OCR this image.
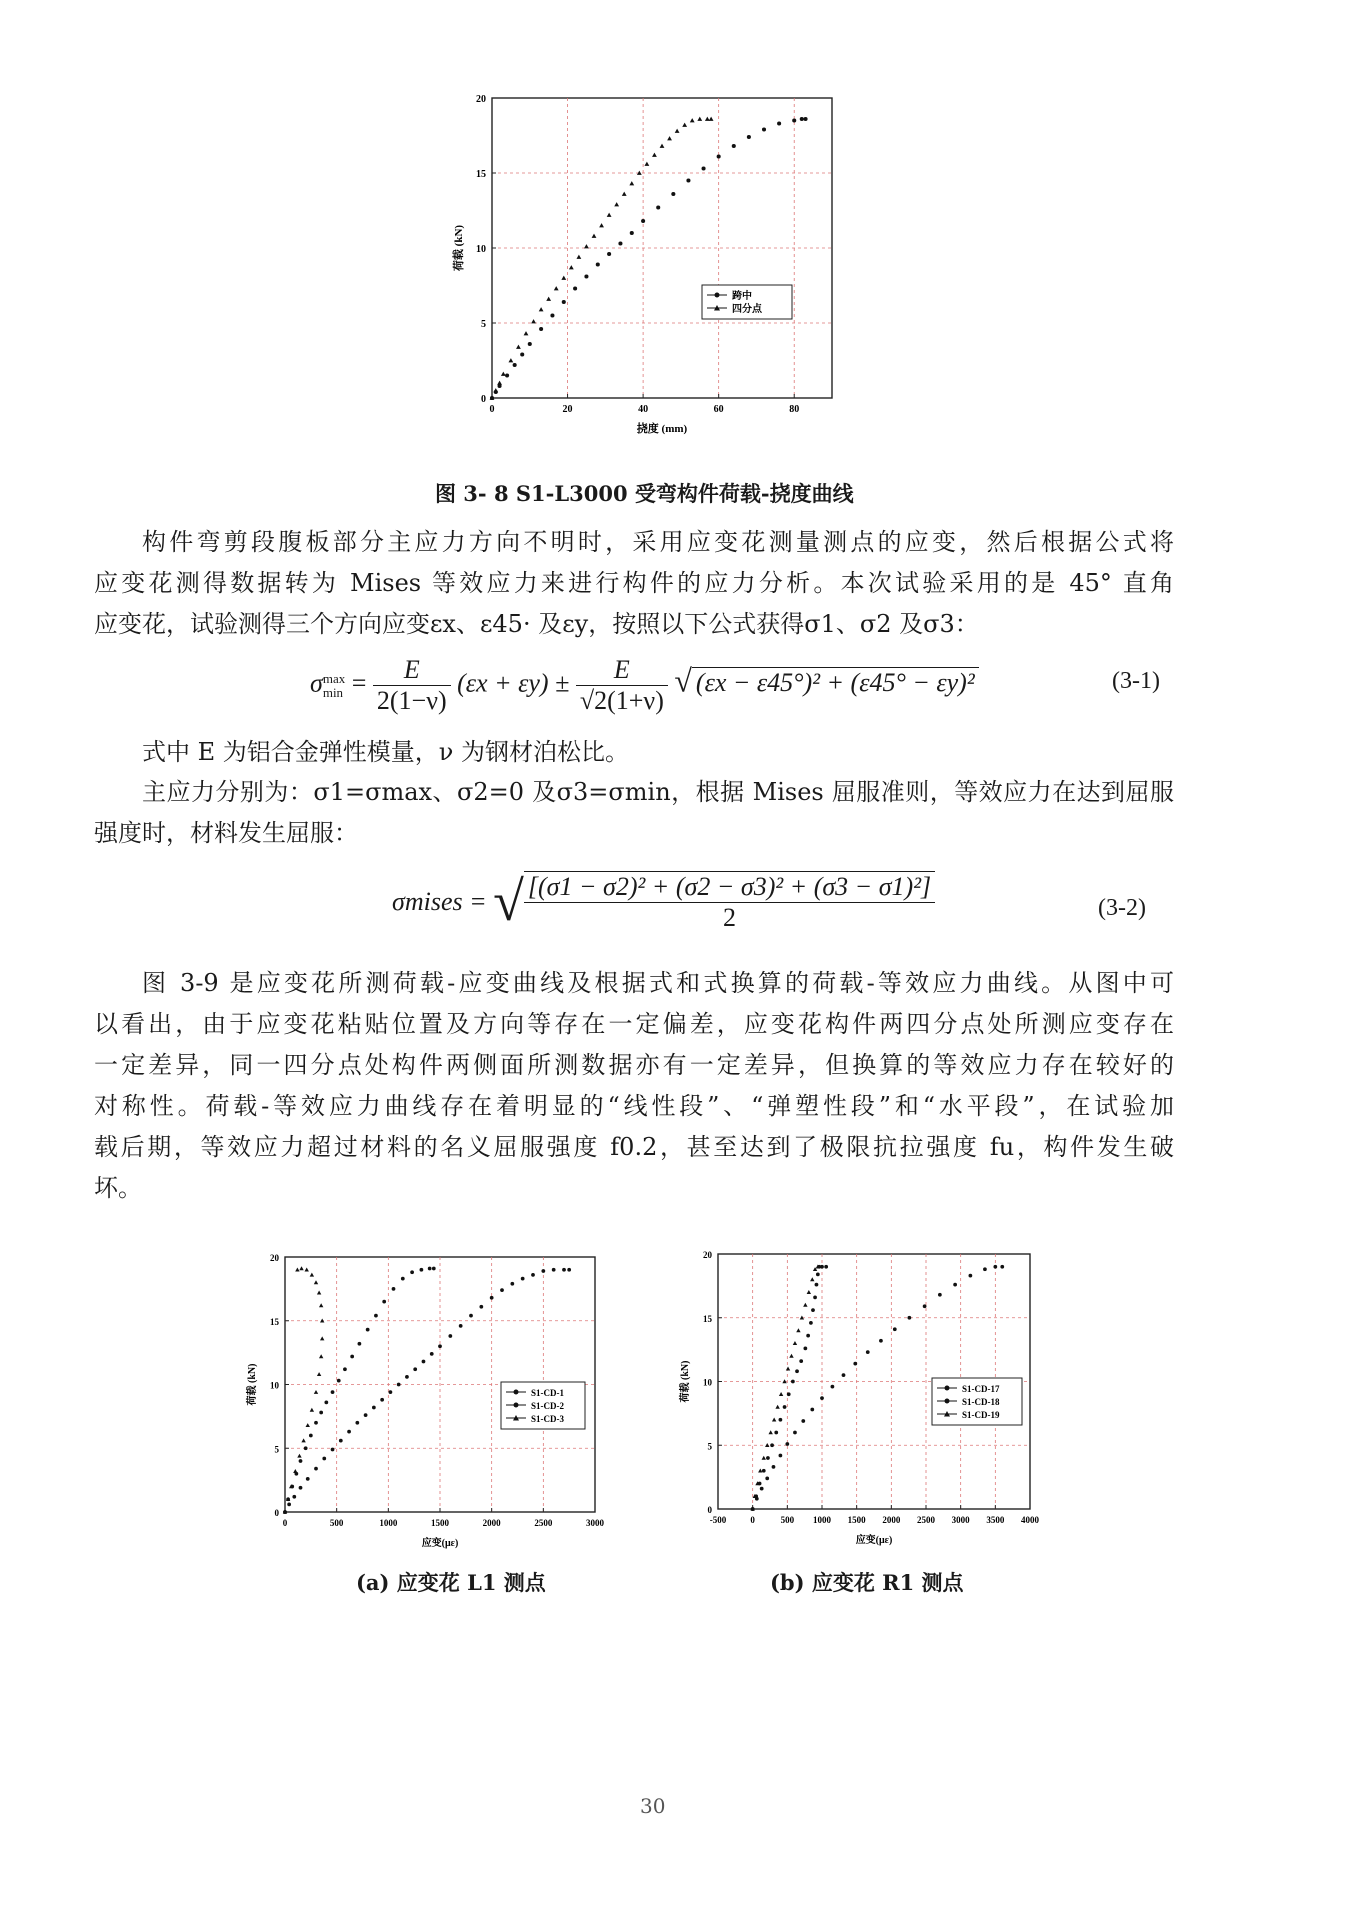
0	20	40	60	80
0
5
10
15
20
挠度 (mm)
荷载 (kN)
跨中
四分点
图 3- 8 S1-L3000 受弯构件荷载-挠度曲线
构件弯剪段腹板部分主应力方向不明时，采用应变花测量测点的应变，然后根据公式将
应变花测得数据转为 Mises 等效应力来进行构件的应力分析。本次试验采用的是 45° 直角
应变花，试验测得三个方向应变εx、ε45· 及εy，按照以下公式获得σ1、σ2 及σ3：
σ max
$\min = \frac{E}{2(1-\nu)} (\varepsilon x + \varepsilon y) \pm \frac{E}{√2(1+\nu)}$ √ (εx − ε45°)² + (ε45° − εy)²	(3-1)
式中 E 为铝合金弹性模量，ν 为钢材泊松比。
主应力分别为：σ1=σmax、σ2=0 及σ3=σmin，根据 Mises 屈服准则，等效应力在达到屈服
强度时，材料发生屈服：
σmises = √ $\frac{\text{[(σ1 − σ2)² + (σ2 − σ3)² + (σ3 − σ1)²]}}{2}$	(3-2)
图 3-9 是应变花所测荷载-应变曲线及根据式和式换算的荷载-等效应力曲线。从图中可
以看出，由于应变花粘贴位置及方向等存在一定偏差，应变花构件两四分点处所测应变存在
一定差异，同一四分点处构件两侧面所测数据亦有一定差异，但换算的等效应力存在较好的
对称性。荷载-等效应力曲线存在着明显的“线性段”、“弹塑性段”和“水平段”，在试验加
载后期，等效应力超过材料的名义屈服强度 f0.2，甚至达到了极限抗拉强度 fu，构件发生破
坏。
0	500	1000	1500	2000	2500	3000
0
5
10
15
20
应变(με)
荷载 (kN)	S1-CD-1
S1-CD-2
S1-CD-3
(a) 应变花 L1 测点
-500	0	500 1000 1500 2000 2500 3000 3500 4000
0
5
10
15
20
应变(με)
荷载 (kN)	S1-CD-17
S1-CD-18
S1-CD-19
(b) 应变花 R1 测点
30
